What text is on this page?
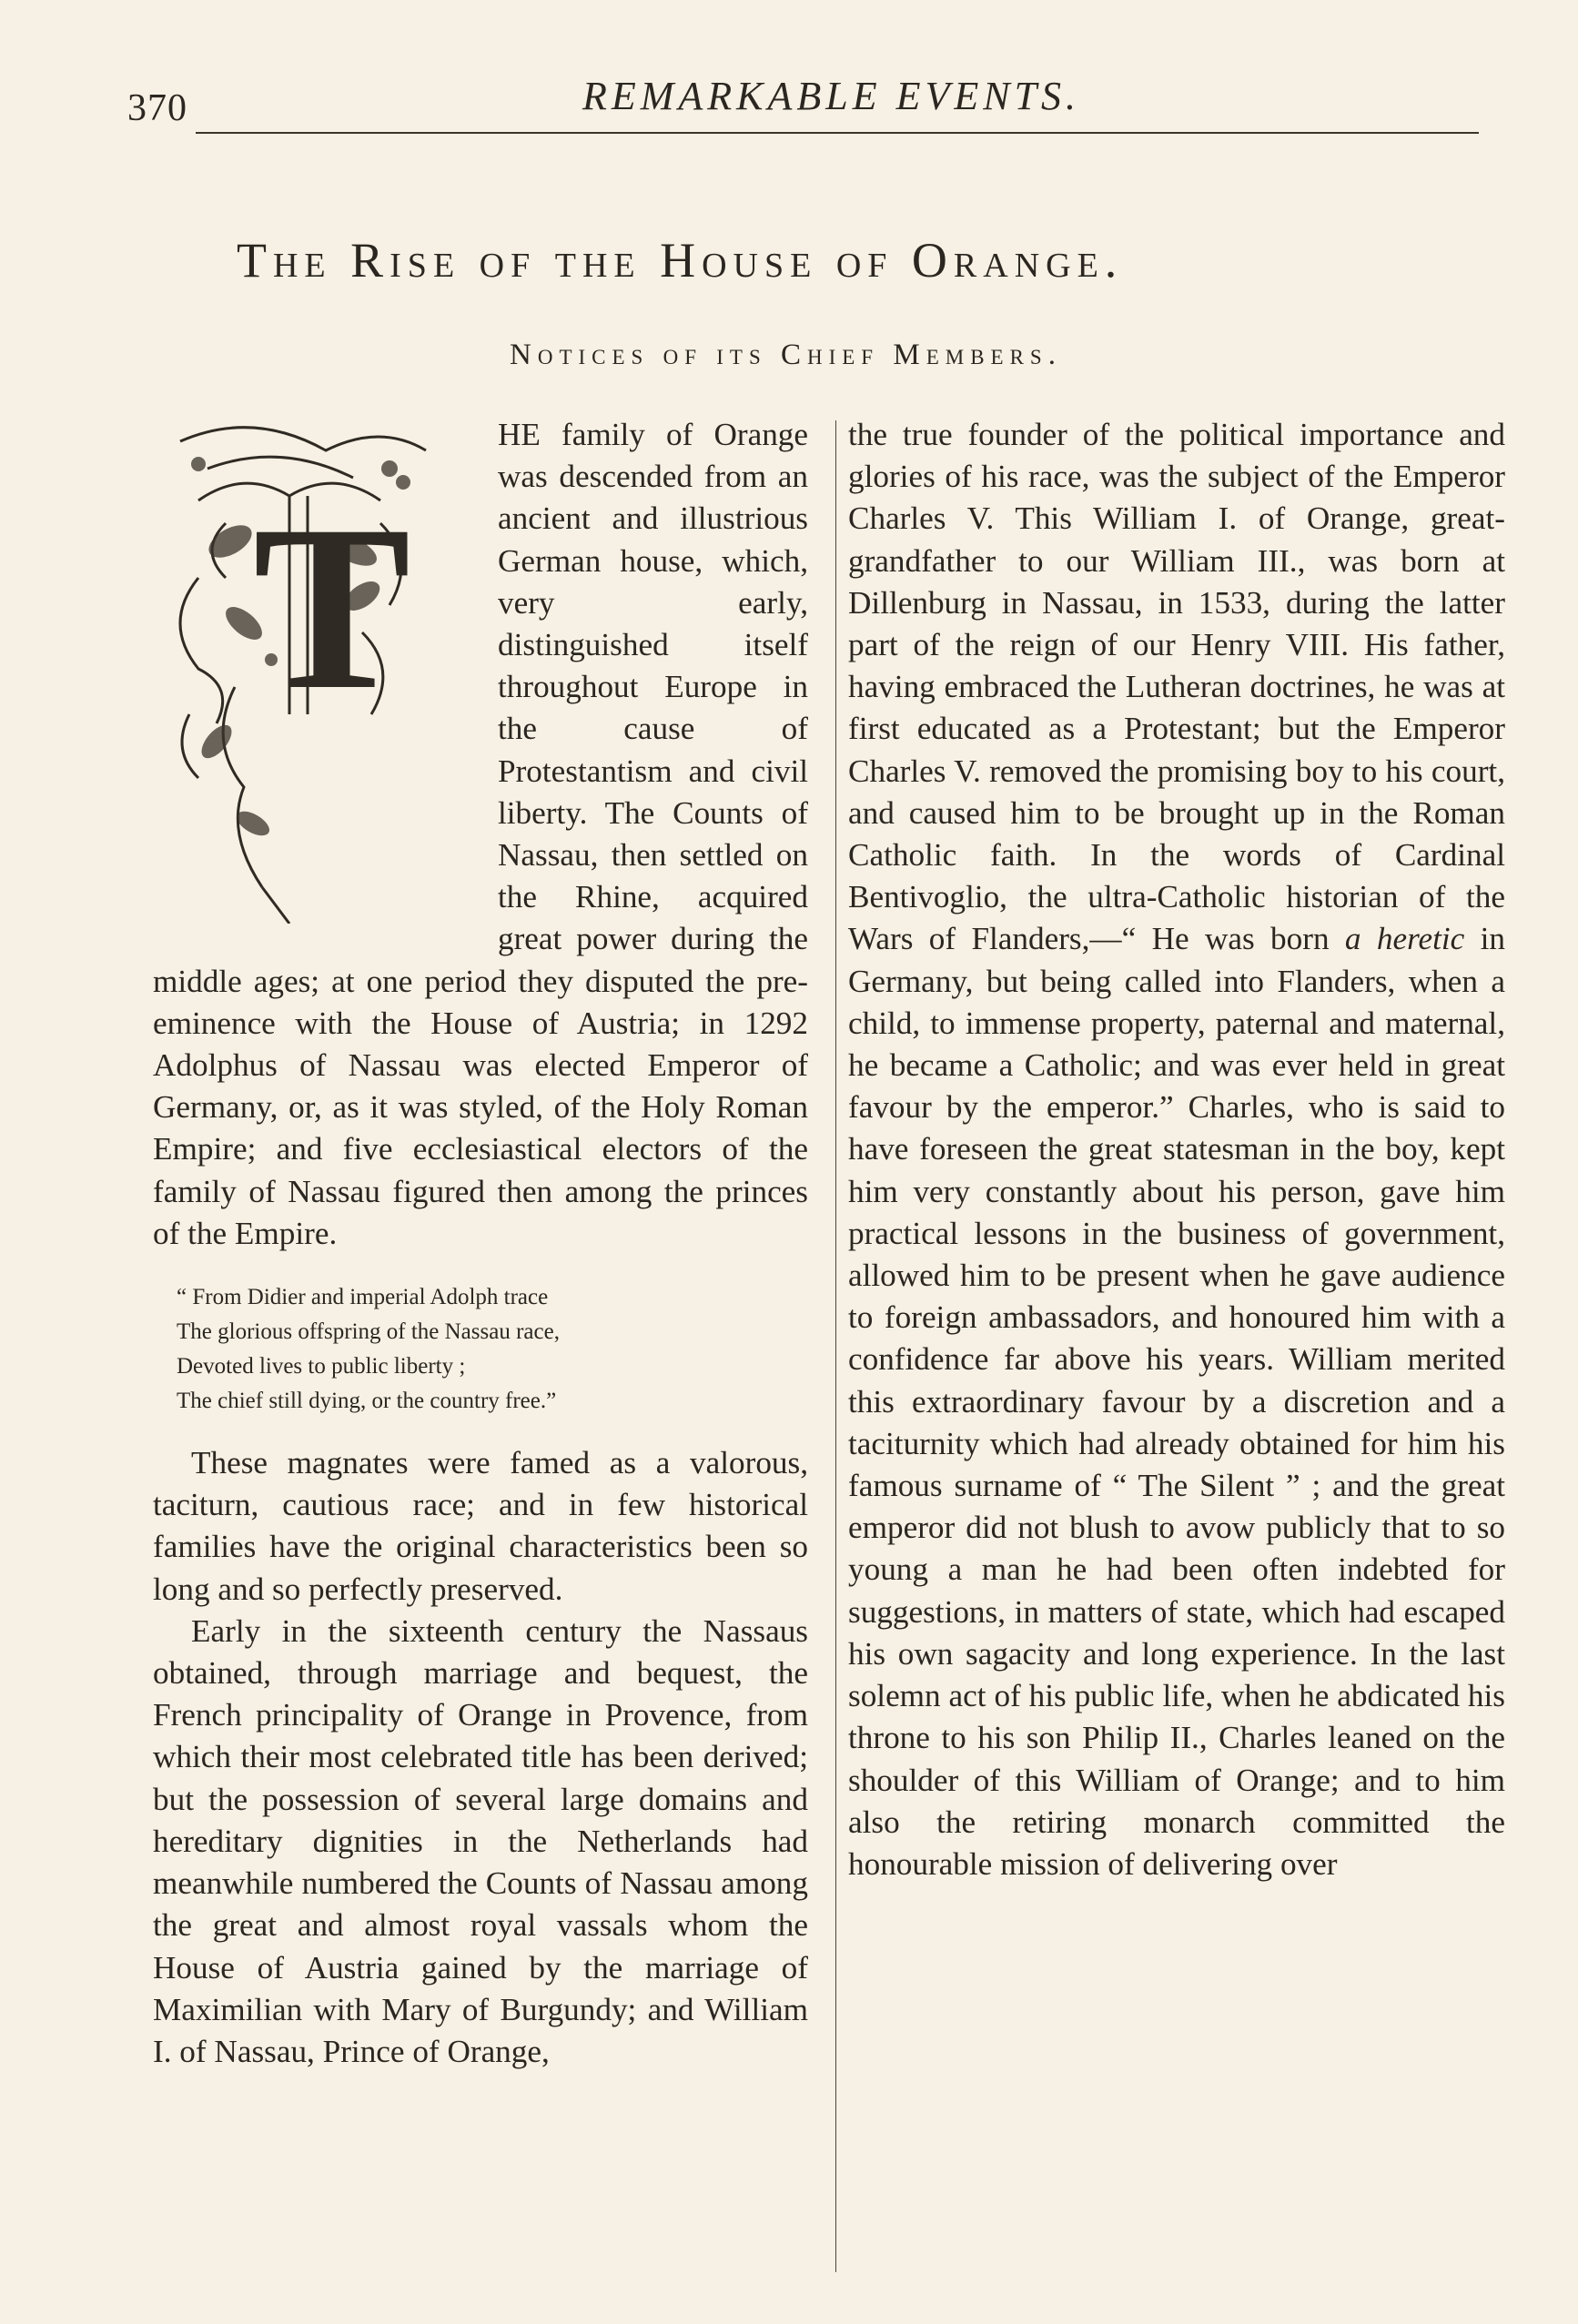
370	REMARKABLE EVENTS.
The Rise of the House of Orange.
Notices of its Chief Members.
T

HE family of Orange was descended from an ancient and illustrious German house, which, very early, distinguished itself throughout Europe in the cause of Protestantism and civil liberty. The Counts of Nassau, then settled on the Rhine, acquired great power during the middle ages; at one period they disputed the pre-eminence with the House of Austria; in 1292 Adolphus of Nassau was elected Emperor of Germany, or, as it was styled, of the Holy Roman Empire; and five ecclesiastical electors of the family of Nassau figured then among the princes of the Empire.

“ From Didier and imperial Adolph trace
The glorious offspring of the Nassau race,
Devoted lives to public liberty ;
The chief still dying, or the country free.”

These magnates were famed as a valorous, taciturn, cautious race; and in few historical families have the original characteristics been so long and so perfectly preserved.

Early in the sixteenth century the Nassaus obtained, through marriage and bequest, the French principality of Orange in Provence, from which their most celebrated title has been derived; but the possession of several large domains and hereditary dignities in the Netherlands had meanwhile numbered the Counts of Nassau among the great and almost royal vassals whom the House of Austria gained by the marriage of Maximilian with Mary of Burgundy; and William I. of Nassau, Prince of Orange,

the true founder of the political importance and glories of his race, was the subject of the Emperor Charles V. This William I. of Orange, great-grandfather to our William III., was born at Dillenburg in Nassau, in 1533, during the latter part of the reign of our Henry VIII. His father, having embraced the Lutheran doctrines, he was at first educated as a Protestant; but the Emperor Charles V. removed the promising boy to his court, and caused him to be brought up in the Roman Catholic faith. In the words of Cardinal Bentivoglio, the ultra-Catholic historian of the Wars of Flanders,—“ He was born a heretic in Germany, but being called into Flanders, when a child, to immense property, paternal and maternal, he became a Catholic; and was ever held in great favour by the emperor.” Charles, who is said to have foreseen the great statesman in the boy, kept him very constantly about his person, gave him practical lessons in the business of government, allowed him to be present when he gave audience to foreign ambassadors, and honoured him with a confidence far above his years. William merited this extraordinary favour by a discretion and a taciturnity which had already obtained for him his famous surname of “ The Silent ” ; and the great emperor did not blush to avow publicly that to so young a man he had been often indebted for suggestions, in matters of state, which had escaped his own sagacity and long experience. In the last solemn act of his public life, when he abdicated his throne to his son Philip II., Charles leaned on the shoulder of this William of Orange; and to him also the retiring monarch committed the honourable mission of delivering over
